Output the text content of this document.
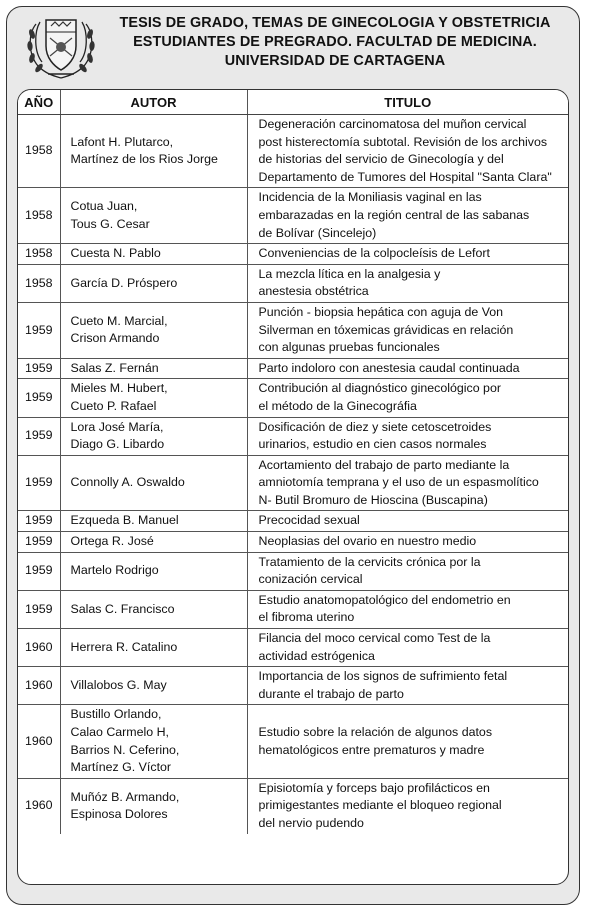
TESIS DE GRADO, TEMAS DE GINECOLOGIA Y OBSTETRICIA
ESTUDIANTES DE PREGRADO. FACULTAD DE MEDICINA.
UNIVERSIDAD DE CARTAGENA
AÑO	AUTOR	TITULO
1958	Lafont H. Plutarco,
Martínez de los Rios Jorge	Degeneración carcinomatosa del muñon cervical
post histerectomía subtotal. Revisión de los archivos
de historias del servicio de Ginecología y del
Departamento de Tumores del Hospital "Santa Clara"

1958	Cotua Juan,
Tous G. Cesar	Incidencia de la Moniliasis vaginal en las
embarazadas en la región central de las sabanas
de Bolívar (Sincelejo)

1958	Cuesta N. Pablo	Conveniencias de la colpocleísis de Lefort

1958	García D. Próspero	La mezcla lítica en la analgesia y
anestesia obstétrica

1959	Cueto M. Marcial,
Crison Armando	Punción - biopsia hepática con aguja de Von
Silverman en tóxemicas grávidicas en relación
con algunas pruebas funcionales

1959	Salas Z. Fernán	Parto indoloro con anestesia caudal continuada

1959	Mieles M. Hubert,
Cueto P. Rafael	Contribución al diagnóstico ginecológico por
el método de la Ginecográfia

1959	Lora José María,
Diago G. Libardo	Dosificación de diez y siete cetoscetroides
urinarios, estudio en cien casos normales

1959	Connolly A. Oswaldo	Acortamiento del trabajo de parto mediante la
amniotomía temprana y el uso de un espasmolítico
N- Butil Bromuro de Hioscina (Buscapina)

1959	Ezqueda B. Manuel	Precocidad sexual

1959	Ortega R. José	Neoplasias del ovario en nuestro medio

1959	Martelo Rodrigo	Tratamiento de la cervicits crónica por la
conización cervical

1959	Salas C. Francisco	Estudio anatomopatológico del endometrio en
el fibroma uterino

1960	Herrera R. Catalino	Filancia del moco cervical como Test de la
actividad estrógenica

1960	Villalobos G. May	Importancia de los signos de sufrimiento fetal
durante el trabajo de parto

1960	Bustillo Orlando,
Calao Carmelo H,
Barrios N. Ceferino,
Martínez G. Víctor	Estudio sobre la relación de algunos datos
hematológicos entre prematuros y madre

1960	Muñóz B. Armando,
Espinosa Dolores	Episiotomía y forceps bajo profilácticos en
primigestantes mediante el bloqueo regional
del nervio pudendo
